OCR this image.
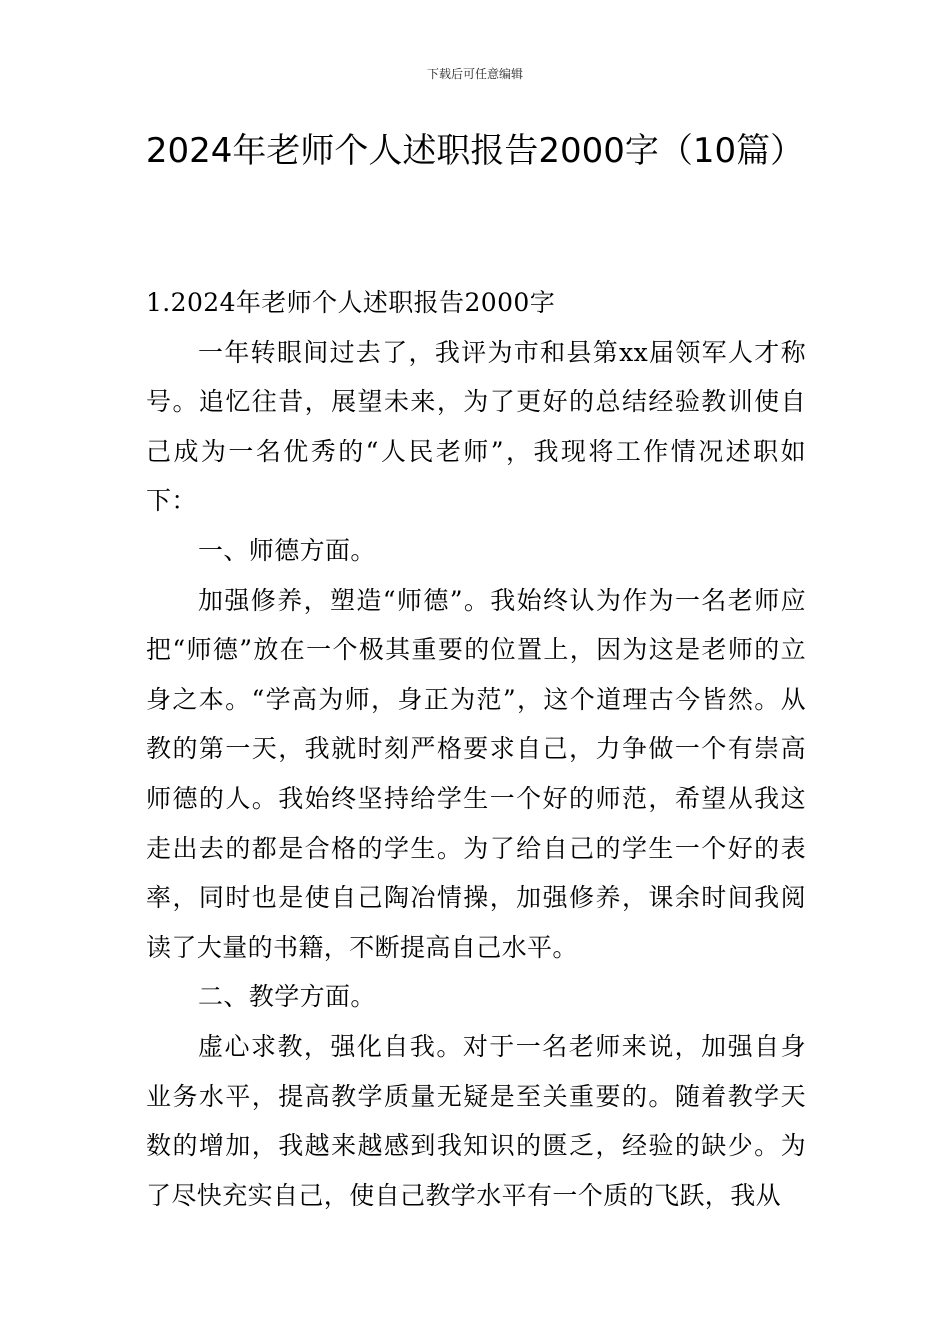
下载后可任意编辑
2024年老师个人述职报告2000字（10篇）

1.2024年老师个人述职报告2000字

一年转眼间过去了，我评为市和县第xx届领军人才称号。追忆往昔，展望未来，为了更好的总结经验教训使自己成为一名优秀的“人民老师”，我现将工作情况述职如下：

一、师德方面。

加强修养，塑造“师德”。我始终认为作为一名老师应把“师德”放在一个极其重要的位置上，因为这是老师的立身之本。“学高为师，身正为范”，这个道理古今皆然。从教的第一天，我就时刻严格要求自己，力争做一个有崇高师德的人。我始终坚持给学生一个好的师范，希望从我这走出去的都是合格的学生。为了给自己的学生一个好的表率，同时也是使自己陶冶情操，加强修养，课余时间我阅读了大量的书籍，不断提高自己水平。

二、教学方面。

虚心求教，强化自我。对于一名老师来说，加强自身业务水平，提高教学质量无疑是至关重要的。随着教学天数的增加，我越来越感到我知识的匮乏，经验的缺少。为了尽快充实自己，使自己教学水平有一个质的飞跃，我从
